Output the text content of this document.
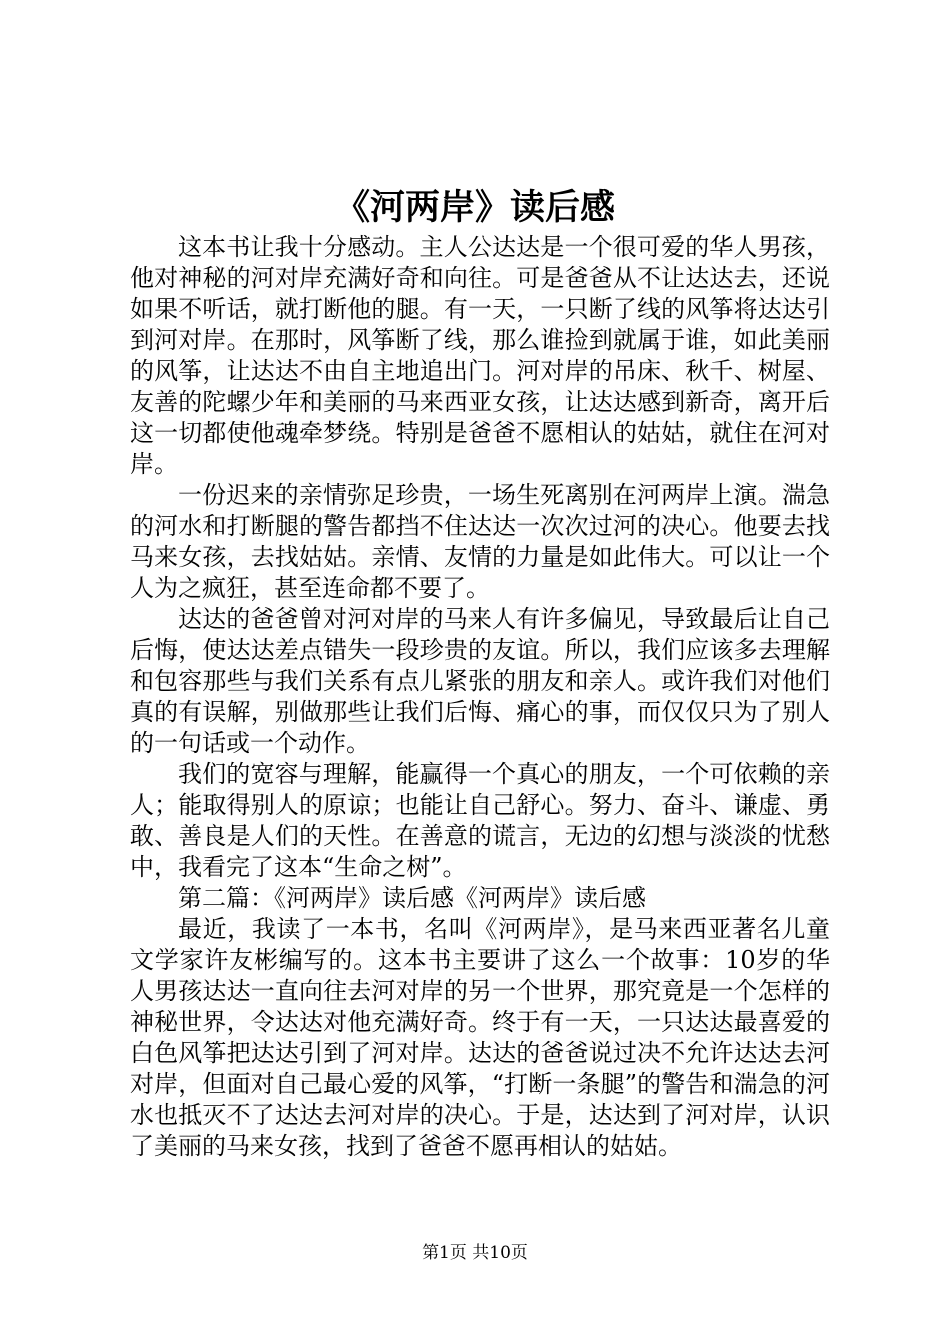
《河两岸》读后感

这本书让我十分感动。主人公达达是一个很可爱的华人男孩，他对神秘的河对岸充满好奇和向往。可是爸爸从不让达达去，还说如果不听话，就打断他的腿。有一天，一只断了线的风筝将达达引到河对岸。在那时，风筝断了线，那么谁捡到就属于谁，如此美丽的风筝，让达达不由自主地追出门。河对岸的吊床、秋千、树屋、友善的陀螺少年和美丽的马来西亚女孩，让达达感到新奇，离开后这一切都使他魂牵梦绕。特别是爸爸不愿相认的姑姑，就住在河对岸。

一份迟来的亲情弥足珍贵，一场生死离别在河两岸上演。湍急的河水和打断腿的警告都挡不住达达一次次过河的决心。他要去找马来女孩，去找姑姑。亲情、友情的力量是如此伟大。可以让一个人为之疯狂，甚至连命都不要了。

达达的爸爸曾对河对岸的马来人有许多偏见，导致最后让自己后悔，使达达差点错失一段珍贵的友谊。所以，我们应该多去理解和包容那些与我们关系有点儿紧张的朋友和亲人。或许我们对他们真的有误解，别做那些让我们后悔、痛心的事，而仅仅只为了别人的一句话或一个动作。

我们的宽容与理解，能赢得一个真心的朋友，一个可依赖的亲人；能取得别人的原谅；也能让自己舒心。努力、奋斗、谦虚、勇敢、善良是人们的天性。在善意的谎言，无边的幻想与淡淡的忧愁中，我看完了这本“生命之树”。

第二篇：《河两岸》读后感《河两岸》读后感

最近，我读了一本书，名叫《河两岸》，是马来西亚著名儿童文学家许友彬编写的。这本书主要讲了这么一个故事：10岁的华人男孩达达一直向往去河对岸的另一个世界，那究竟是一个怎样的神秘世界，令达达对他充满好奇。终于有一天，一只达达最喜爱的白色风筝把达达引到了河对岸。达达的爸爸说过决不允许达达去河对岸，但面对自己最心爱的风筝，“打断一条腿”的警告和湍急的河水也抵灭不了达达去河对岸的决心。于是，达达到了河对岸，认识了美丽的马来女孩，找到了爸爸不愿再相认的姑姑。

第1页 共10页
